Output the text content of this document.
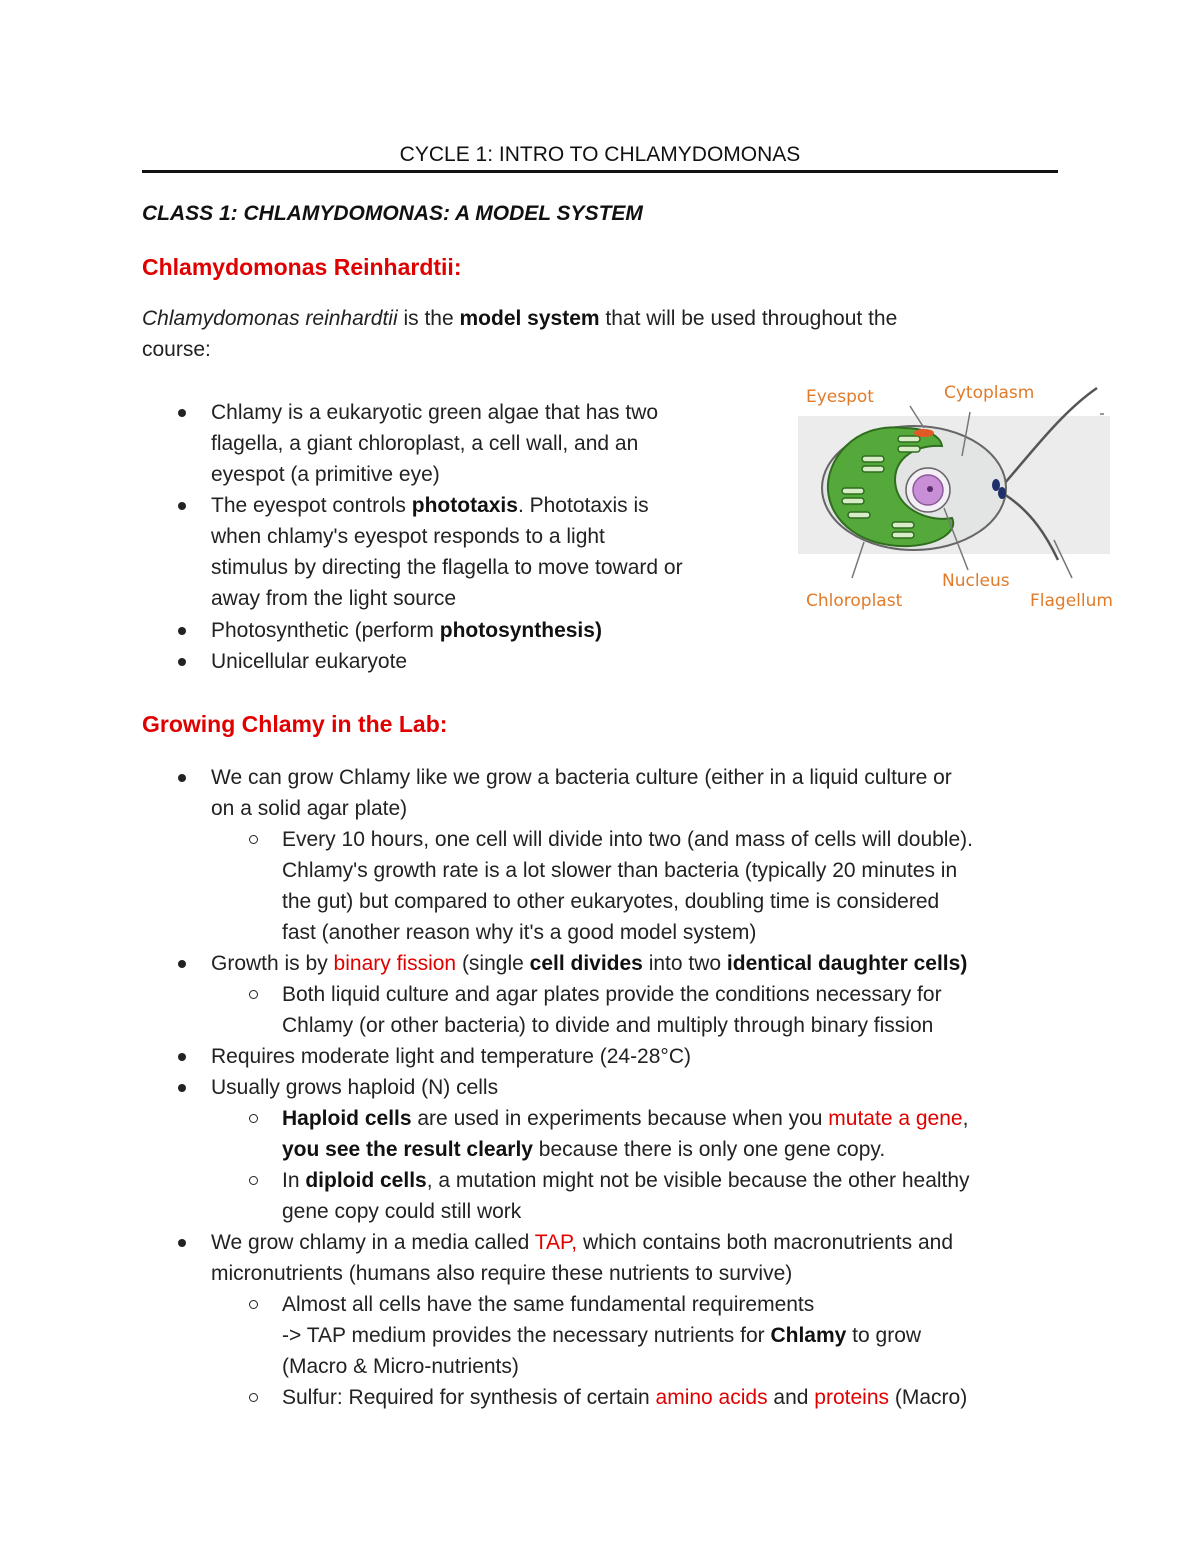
CYCLE 1: INTRO TO CHLAMYDOMONAS
CLASS 1: CHLAMYDOMONAS: A MODEL SYSTEM
Chlamydomonas Reinhardtii:
Chlamydomonas reinhardtii is the model system that will be used throughout the
course:
Chlamy is a eukaryotic green algae that has two
flagella, a giant chloroplast, a cell wall, and an
eyespot (a primitive eye)
The eyespot controls phototaxis. Phototaxis is
when chlamy's eyespot responds to a light
stimulus by directing the flagella to move toward or
away from the light source
Photosynthetic (perform photosynthesis)
Unicellular eukaryote
Eyespot	Cytoplasm
Nucleus
Chloroplast	Flagellum
Growing Chlamy in the Lab:
We can grow Chlamy like we grow a bacteria culture (either in a liquid culture or
on a solid agar plate)
Every 10 hours, one cell will divide into two (and mass of cells will double).
Chlamy's growth rate is a lot slower than bacteria (typically 20 minutes in
the gut) but compared to other eukaryotes, doubling time is considered
fast (another reason why it's a good model system)
Growth is by binary fission (single cell divides into two identical daughter cells)
Both liquid culture and agar plates provide the conditions necessary for
Chlamy (or other bacteria) to divide and multiply through binary fission
Requires moderate light and temperature (24-28°C)
Usually grows haploid (N) cells
Haploid cells are used in experiments because when you mutate a gene,
you see the result clearly because there is only one gene copy.
In diploid cells, a mutation might not be visible because the other healthy
gene copy could still work
We grow chlamy in a media called TAP, which contains both macronutrients and
micronutrients (humans also require these nutrients to survive)
Almost all cells have the same fundamental requirements
-> TAP medium provides the necessary nutrients for Chlamy to grow
(Macro & Micro-nutrients)
Sulfur: Required for synthesis of certain amino acids and proteins (Macro)
